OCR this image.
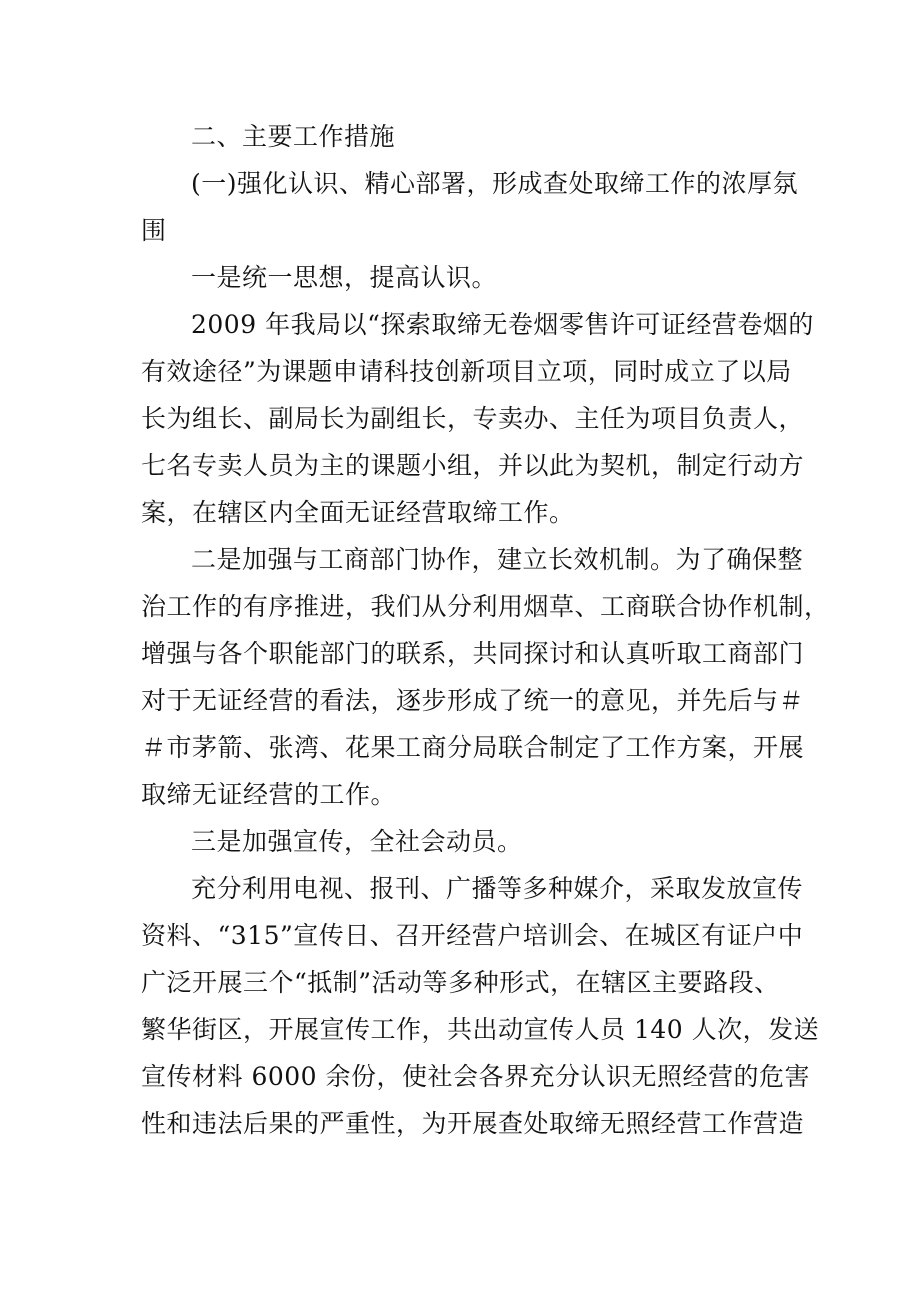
二、主要工作措施
(一)强化认识、精心部署，形成查处取缔工作的浓厚氛
围
一是统一思想，提高认识。
2009 年我局以“探索取缔无卷烟零售许可证经营卷烟的
有效途径”为课题申请科技创新项目立项，同时成立了以局
长为组长、副局长为副组长，专卖办、主任为项目负责人，
七名专卖人员为主的课题小组，并以此为契机，制定行动方
案，在辖区内全面无证经营取缔工作。
二是加强与工商部门协作，建立长效机制。为了确保整
治工作的有序推进，我们从分利用烟草、工商联合协作机制，
增强与各个职能部门的联系，共同探讨和认真听取工商部门
对于无证经营的看法，逐步形成了统一的意见，并先后与＃
＃市茅箭、张湾、花果工商分局联合制定了工作方案，开展
取缔无证经营的工作。
三是加强宣传，全社会动员。
充分利用电视、报刊、广播等多种媒介，采取发放宣传
资料、“315”宣传日、召开经营户培训会、在城区有证户中
广泛开展三个“抵制”活动等多种形式，在辖区主要路段、
繁华街区，开展宣传工作，共出动宣传人员 140 人次，发送
宣传材料 6000 余份，使社会各界充分认识无照经营的危害
性和违法后果的严重性，为开展查处取缔无照经营工作营造
